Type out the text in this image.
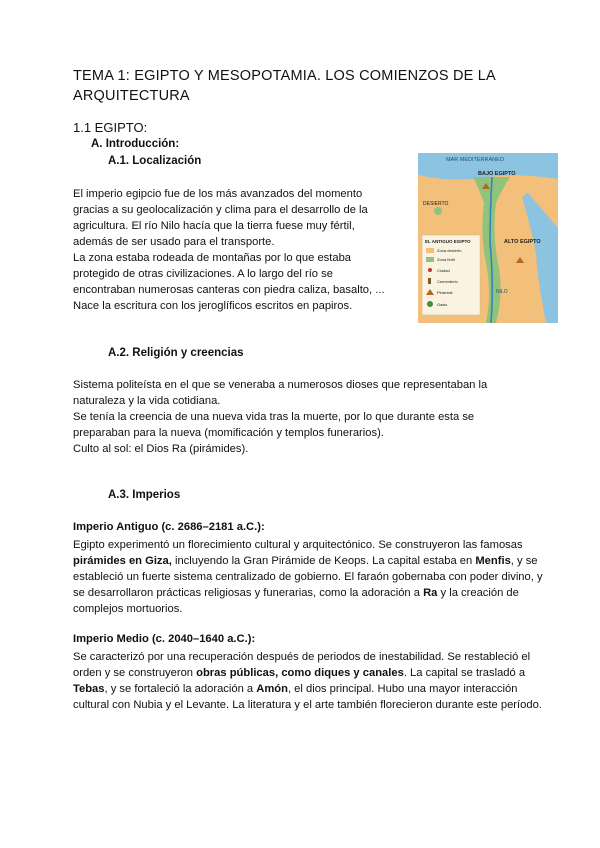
TEMA 1: EGIPTO Y MESOPOTAMIA. LOS COMIENZOS DE LA ARQUITECTURA
1.1 EGIPTO:
A. Introducción:
A.1. Localización
El imperio egipcio fue de los más avanzados del momento
gracias a su geolocalización y clima para el desarrollo de la
agricultura. El río Nilo hacía que la tierra fuese muy fértil,
además de ser usado para el transporte.
La zona estaba rodeada de montañas por lo que estaba
protegido de otras civilizaciones. A lo largo del río se
encontraban numerosas canteras con piedra caliza, basalto, ...
Nace la escritura con los jeroglíficos escritos en papiros.
MAR MEDITERRÁNEO
BAJO EGIPTO
DESIERTO
ALTO EGIPTO
NILO
EL ANTIGUO EGIPTO
Zona desierto
Zona fértil
Ciudad
Cementerio
Pirámide
Oasis
A.2. Religión y creencias
Sistema politeísta en el que se veneraba a numerosos dioses que representaban la
naturaleza y la vida cotidiana.
Se tenía la creencia de una nueva vida tras la muerte, por lo que durante esta se
preparaban para la nueva (momificación y templos funerarios).
Culto al sol: el Dios Ra (pirámides).
A.3. Imperios
Imperio Antiguo (c. 2686–2181 a.C.):
Egipto experimentó un florecimiento cultural y arquitectónico. Se construyeron las famosas pirámides en Giza, incluyendo la Gran Pirámide de Keops. La capital estaba en Menfis, y se estableció un fuerte sistema centralizado de gobierno. El faraón gobernaba con poder divino, y se desarrollaron prácticas religiosas y funerarias, como la adoración a Ra y la creación de complejos mortuorios.
Imperio Medio (c. 2040–1640 a.C.):
Se caracterizó por una recuperación después de periodos de inestabilidad. Se restableció el orden y se construyeron obras públicas, como diques y canales. La capital se trasladó a Tebas, y se fortaleció la adoración a Amón, el dios principal. Hubo una mayor interacción cultural con Nubia y el Levante. La literatura y el arte también florecieron durante este período.
